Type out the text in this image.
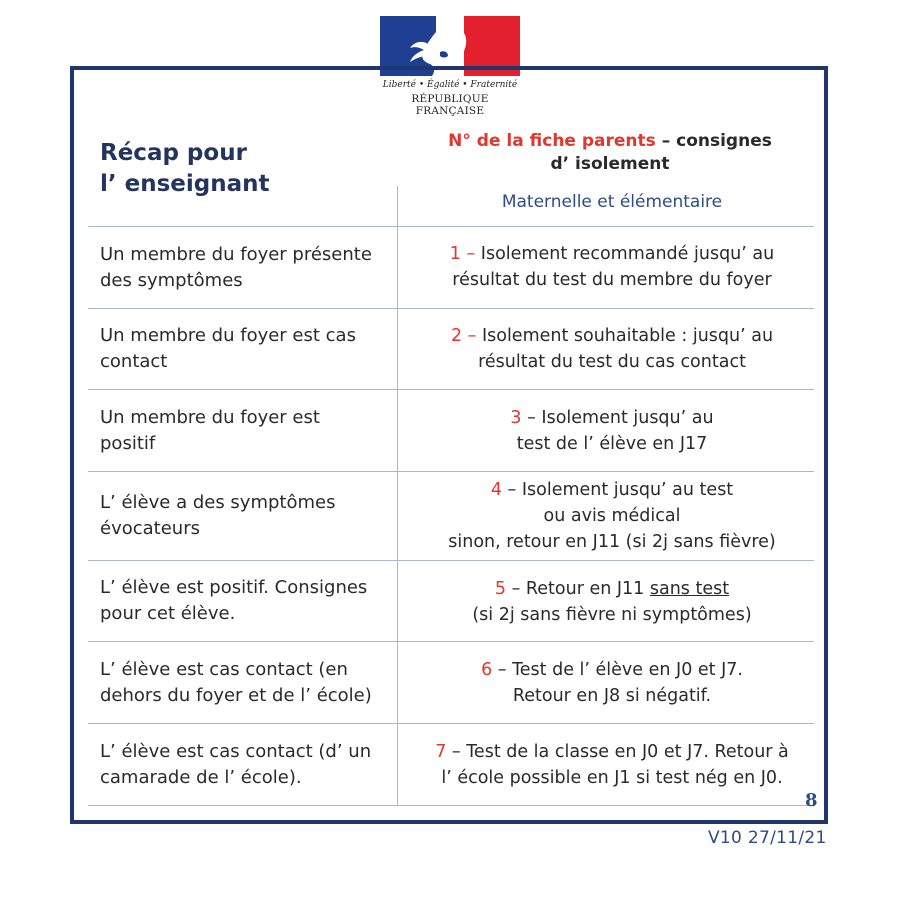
Liberté • Égalité • Fraternité
RÉPUBLIQUE FRANÇAISE
Récap pour
l’ enseignant
N° de la fiche parents – consignes
d’ isolement
Maternelle et élémentaire
Un membre du foyer présente
des symptômes
1 – Isolement recommandé jusqu’ au
résultat du test du membre du foyer
Un membre du foyer est cas
contact
2 – Isolement souhaitable : jusqu’ au
résultat du test du cas contact
Un membre du foyer est
positif
3 – Isolement jusqu’ au
test de l’ élève en J17
L’ élève a des symptômes
évocateurs
4 – Isolement jusqu’ au test
ou avis médical
sinon, retour en J11 (si 2j sans fièvre)
L’ élève est positif. Consignes
pour cet élève.
5 – Retour en J11 sans test
(si 2j sans fièvre ni symptômes)
L’ élève est cas contact (en
dehors du foyer et de l’ école)
6 – Test de l’ élève en J0 et J7.
Retour en J8 si négatif.
L’ élève est cas contact (d’ un
camarade de l’ école).
7 – Test de la classe en J0 et J7. Retour à
l’ école possible en J1 si test nég en J0.
8
V10 27/11/21
